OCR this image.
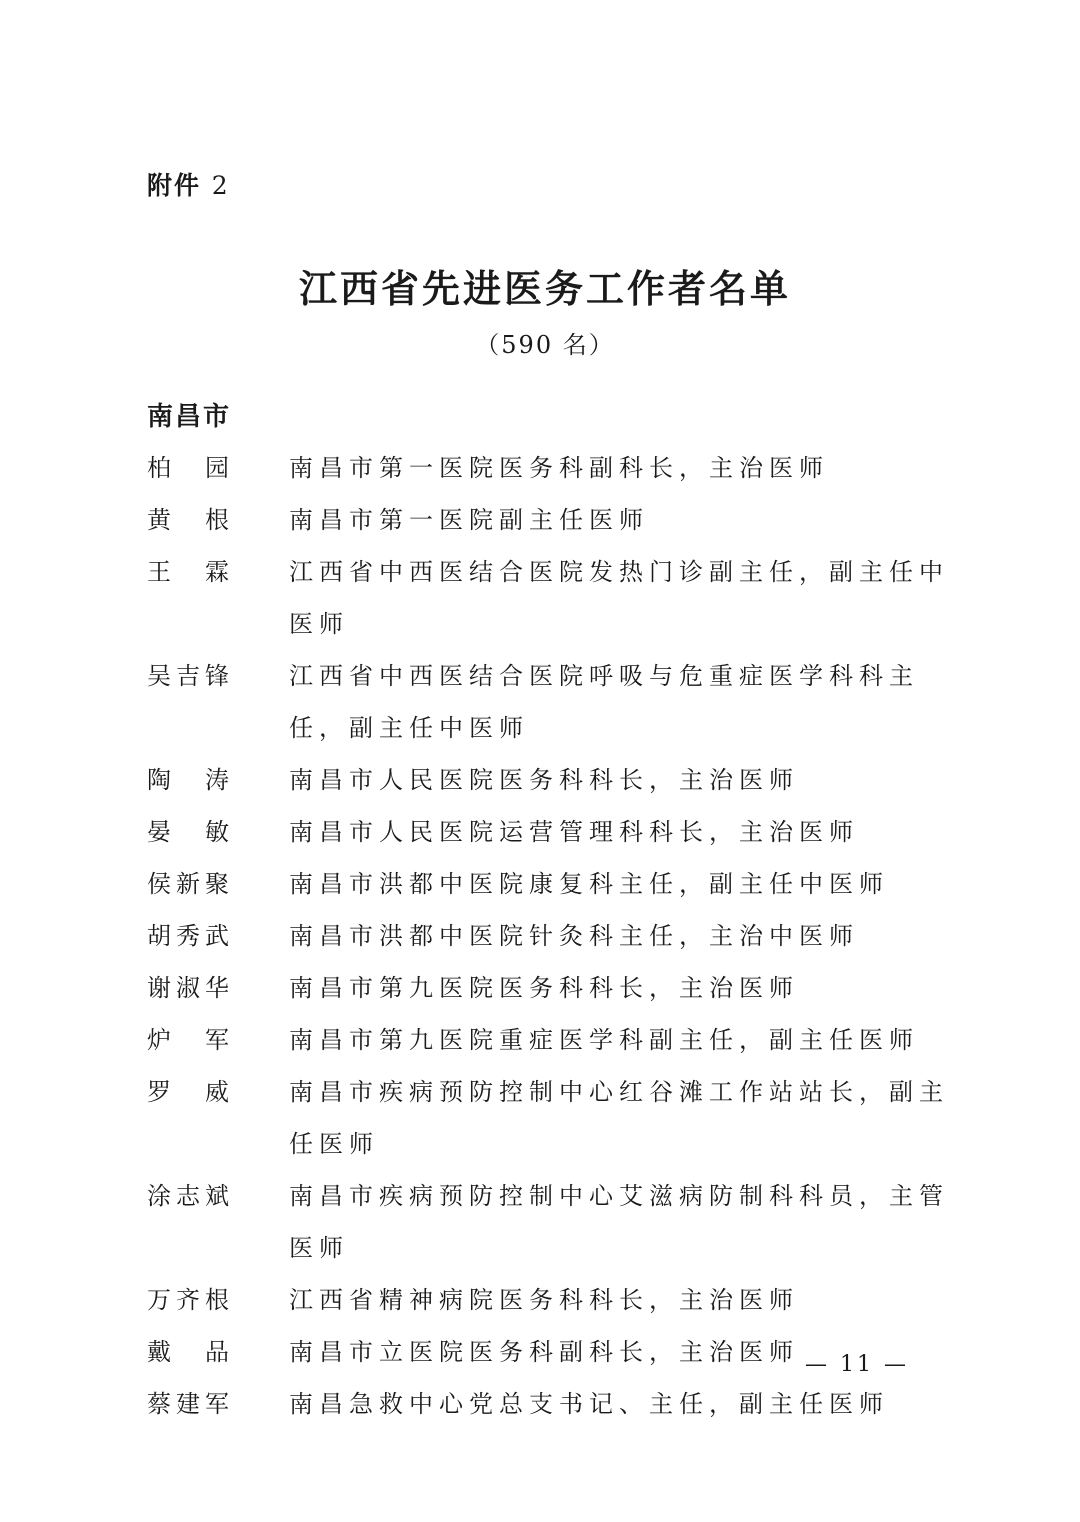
附件 2
江西省先进医务工作者名单
（590 名）
南昌市
柏 园	南昌市第一医院医务科副科长，主治医师
黄 根	南昌市第一医院副主任医师
王 霖	江西省中西医结合医院发热门诊副主任，副主任中医师
吴 吉 锋	江西省中西医结合医院呼吸与危重症医学科科主任，副主任中医师
陶 涛	南昌市人民医院医务科科长，主治医师
晏 敏	南昌市人民医院运营管理科科长，主治医师
侯 新 聚	南昌市洪都中医院康复科主任，副主任中医师
胡 秀 武	南昌市洪都中医院针灸科主任，主治中医师
谢 淑 华	南昌市第九医院医务科科长，主治医师
炉 军	南昌市第九医院重症医学科副主任，副主任医师
罗 威	南昌市疾病预防控制中心红谷滩工作站站长，副主任医师
涂 志 斌	南昌市疾病预防控制中心艾滋病防制科科员，主管医师
万 齐 根	江西省精神病院医务科科长，主治医师
戴 品	南昌市立医院医务科副科长，主治医师
蔡 建 军	南昌急救中心党总支书记、主任，副主任医师
— 11 —
